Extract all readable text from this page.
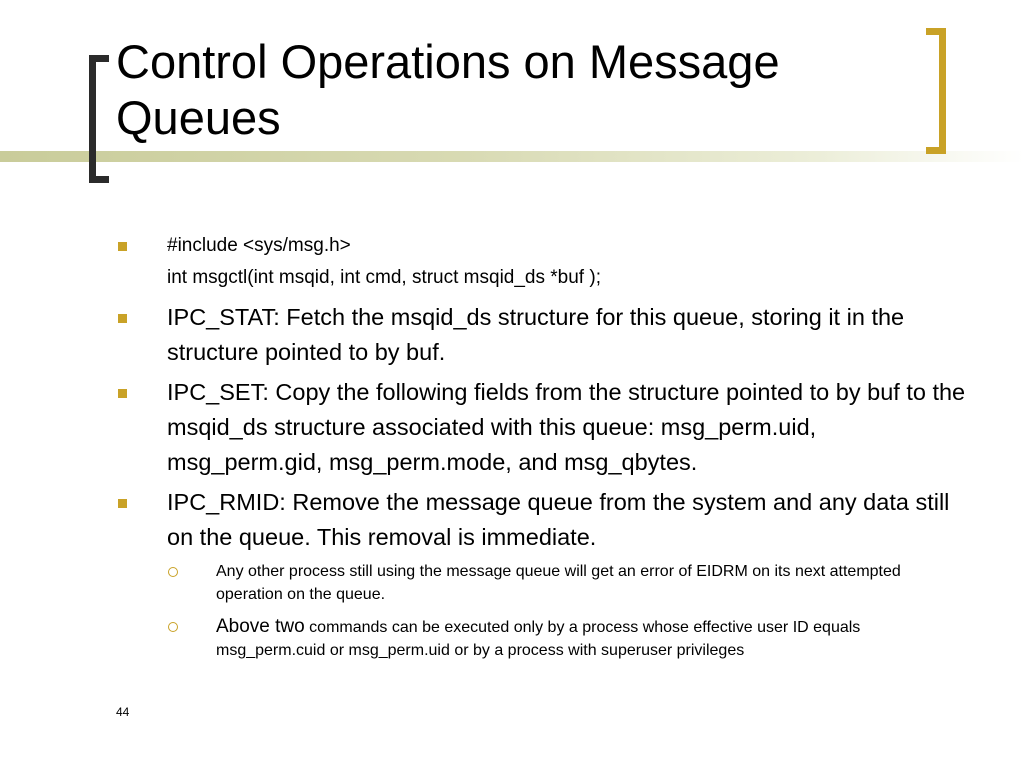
Control Operations on Message Queues
#include <sys/msg.h>
int msgctl(int msqid, int cmd, struct msqid_ds *buf );
IPC_STAT: Fetch the msqid_ds structure for this queue, storing it in the structure pointed to by buf.
IPC_SET: Copy the following fields from the structure pointed to by buf to the msqid_ds structure associated with this queue: msg_perm.uid, msg_perm.gid, msg_perm.mode, and msg_qbytes.
IPC_RMID: Remove the message queue from the system and any data still on the queue. This removal is immediate.
Any other process still using the message queue will get an error of EIDRM on its next attempted operation on the queue.
Above two commands can be executed only by a process whose effective user ID equals msg_perm.cuid or msg_perm.uid or by a process with superuser privileges
44
